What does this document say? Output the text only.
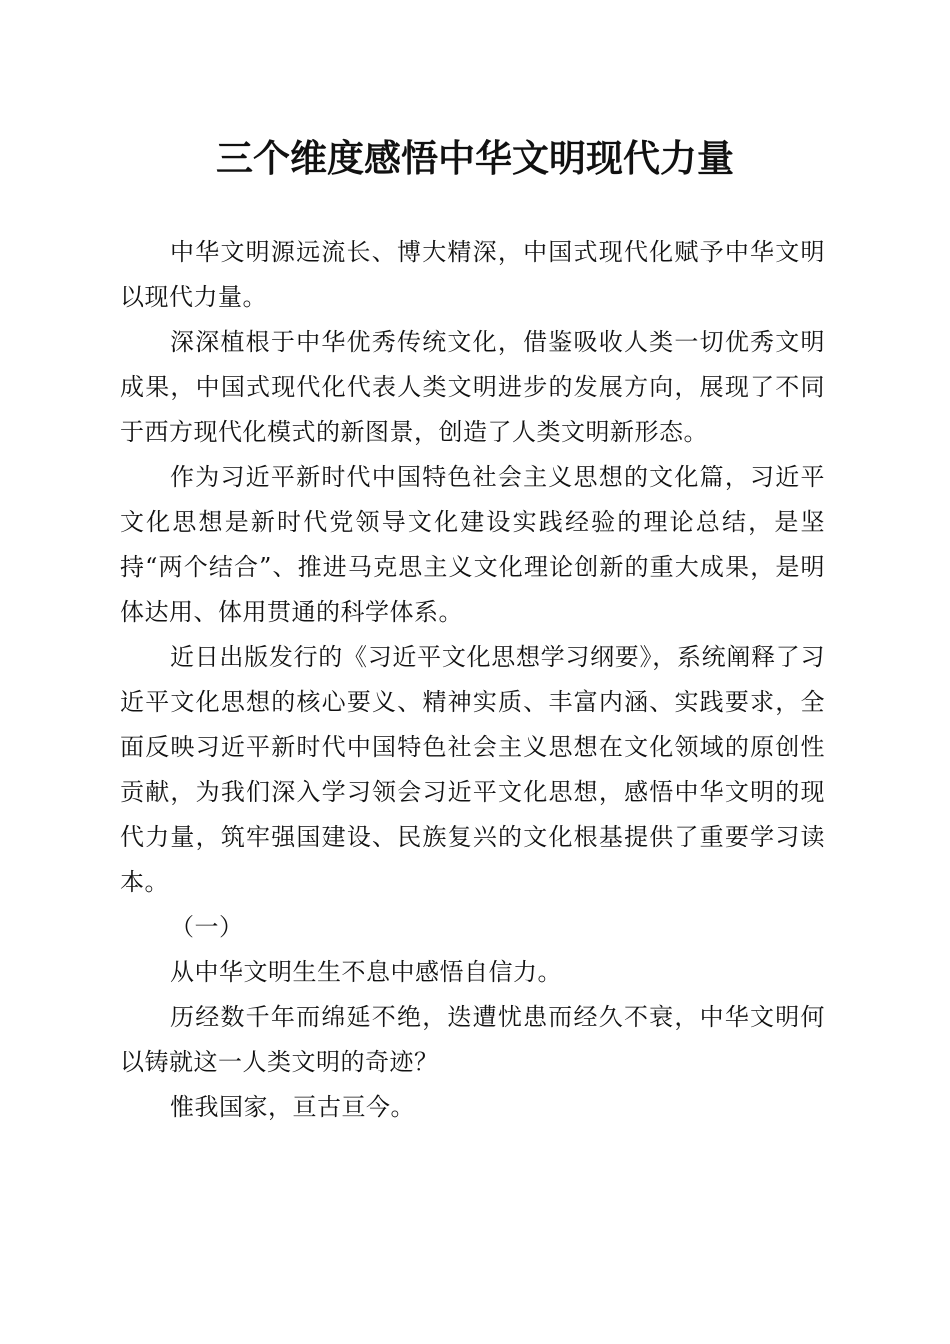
三个维度感悟中华文明现代力量

中华文明源远流长、博大精深，中国式现代化赋予中华文明以现代力量。

深深植根于中华优秀传统文化，借鉴吸收人类一切优秀文明成果，中国式现代化代表人类文明进步的发展方向，展现了不同于西方现代化模式的新图景，创造了人类文明新形态。

作为习近平新时代中国特色社会主义思想的文化篇，习近平文化思想是新时代党领导文化建设实践经验的理论总结，是坚持“两个结合”、推进马克思主义文化理论创新的重大成果，是明体达用、体用贯通的科学体系。

近日出版发行的《习近平文化思想学习纲要》，系统阐释了习近平文化思想的核心要义、精神实质、丰富内涵、实践要求，全面反映习近平新时代中国特色社会主义思想在文化领域的原创性贡献，为我们深入学习领会习近平文化思想，感悟中华文明的现代力量，筑牢强国建设、民族复兴的文化根基提供了重要学习读本。

（一）

从中华文明生生不息中感悟自信力。

历经数千年而绵延不绝，迭遭忧患而经久不衰，中华文明何以铸就这一人类文明的奇迹？

惟我国家，亘古亘今。
